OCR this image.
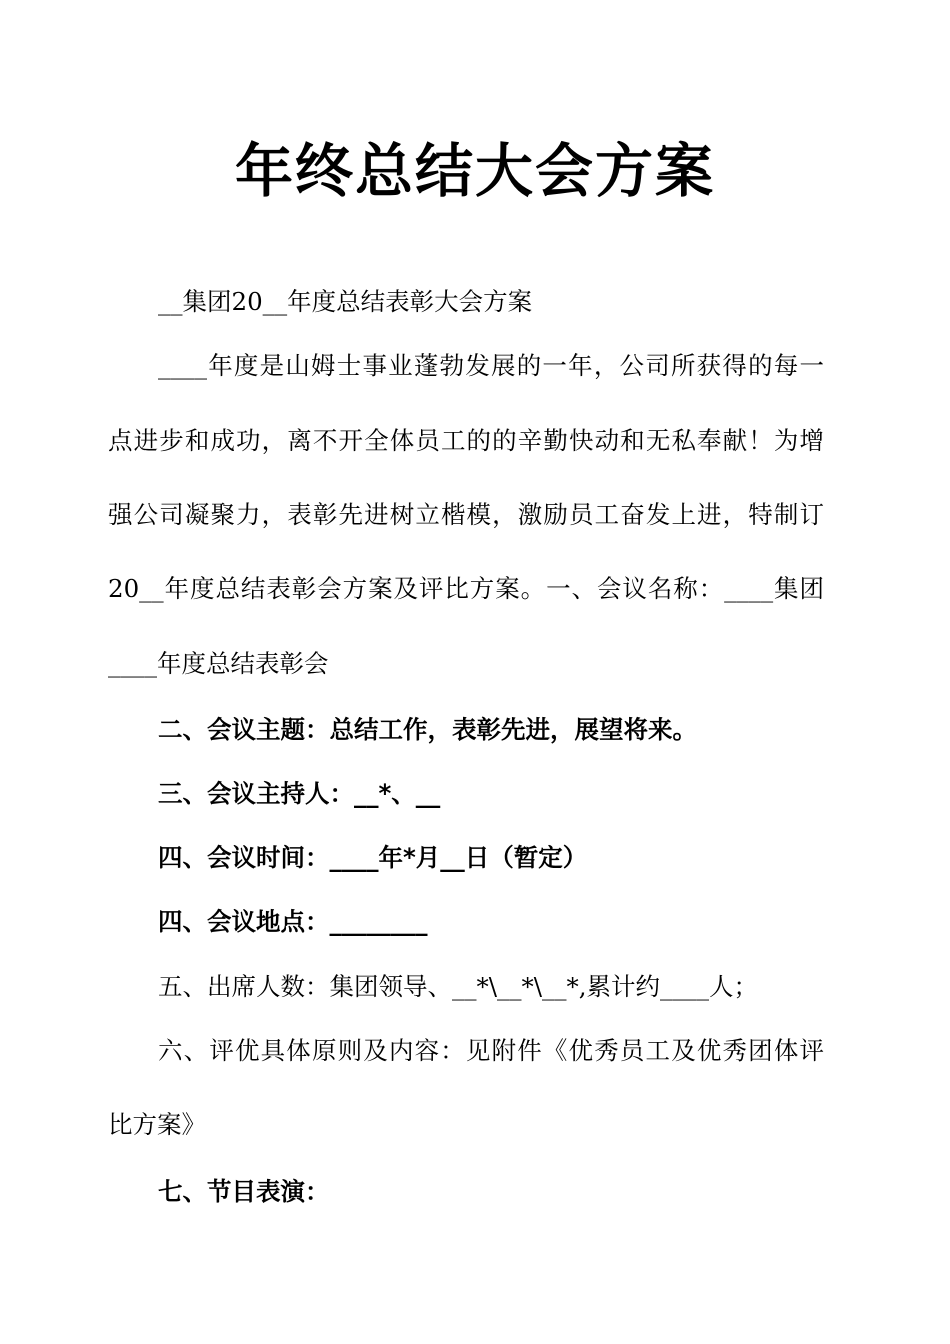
年终总结大会方案
__集团20__年度总结表彰大会方案
____年度是山姆士事业蓬勃发展的一年，公司所获得的每一
点进步和成功，离不开全体员工的的辛勤快动和无私奉献！为增
强公司凝聚力，表彰先进树立楷模，激励员工奋发上进，特制订
20__年度总结表彰会方案及评比方案。一、会议名称：____集团
____年度总结表彰会
二、会议主题：总结工作，表彰先进，展望将来。
三、会议主持人：__*、__
四、会议时间：____年*月__日（暂定）
四、会议地点：________
五、出席人数：集团领导、__*\__*\__*,累计约____人；
六、评优具体原则及内容：见附件《优秀员工及优秀团体评
比方案》
七、节目表演：
